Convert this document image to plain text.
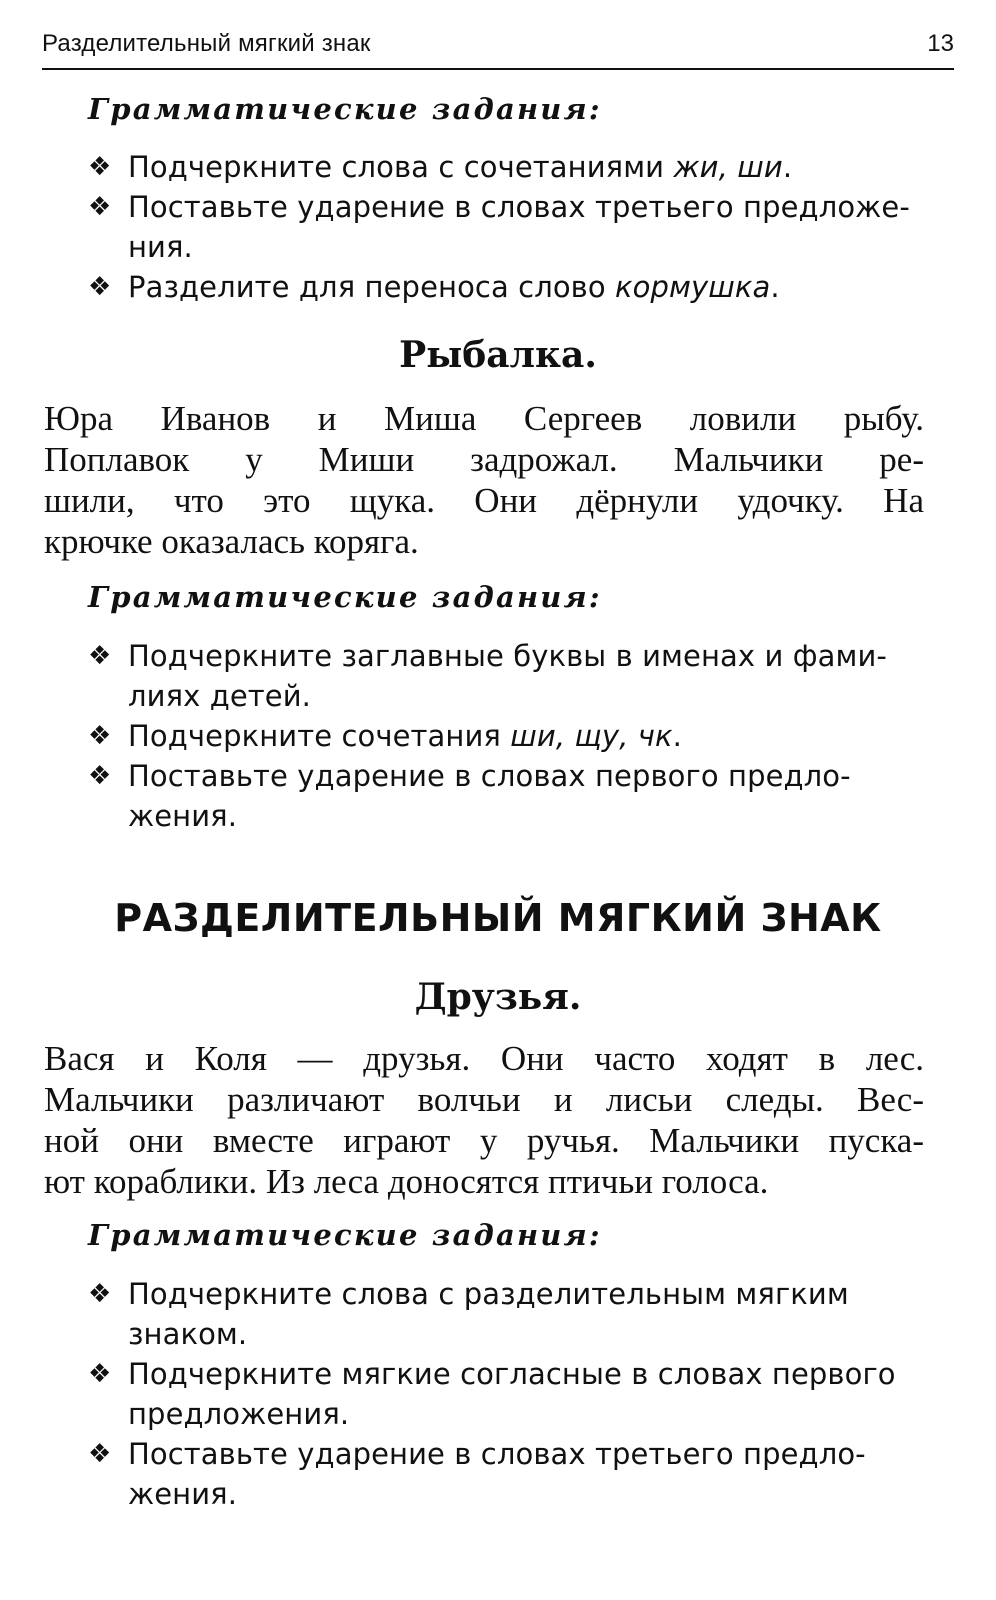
Разделительный мягкий знак	13
Грамматические задания:
❖ Подчеркните слова с сочетаниями жи, ши.
❖ Поставьте ударение в словах третьего предложе-
ния.
❖ Разделите для переноса слово кормушка.
Рыбалка.
Юра Иванов и Миша Сергеев ловили рыбу.
Поплавок у Миши задрожал. Мальчики ре-
шили, что это щука. Они дёрнули удочку. На
крючке оказалась коряга.
Грамматические задания:
❖ Подчеркните заглавные буквы в именах и фами-
лиях детей.
❖ Подчеркните сочетания ши, щу, чк.
❖ Поставьте ударение в словах первого предло-
жения.
РАЗДЕЛИТЕЛЬНЫЙ МЯГКИЙ ЗНАК
Друзья.
Вася и Коля — друзья. Они часто ходят в лес.
Мальчики различают волчьи и лисьи следы. Вес-
ной они вместе играют у ручья. Мальчики пуска-
ют кораблики. Из леса доносятся птичьи голоса.
Грамматические задания:
❖ Подчеркните слова с разделительным мягким
знаком.
❖ Подчеркните мягкие согласные в словах первого
предложения.
❖ Поставьте ударение в словах третьего предло-
жения.
